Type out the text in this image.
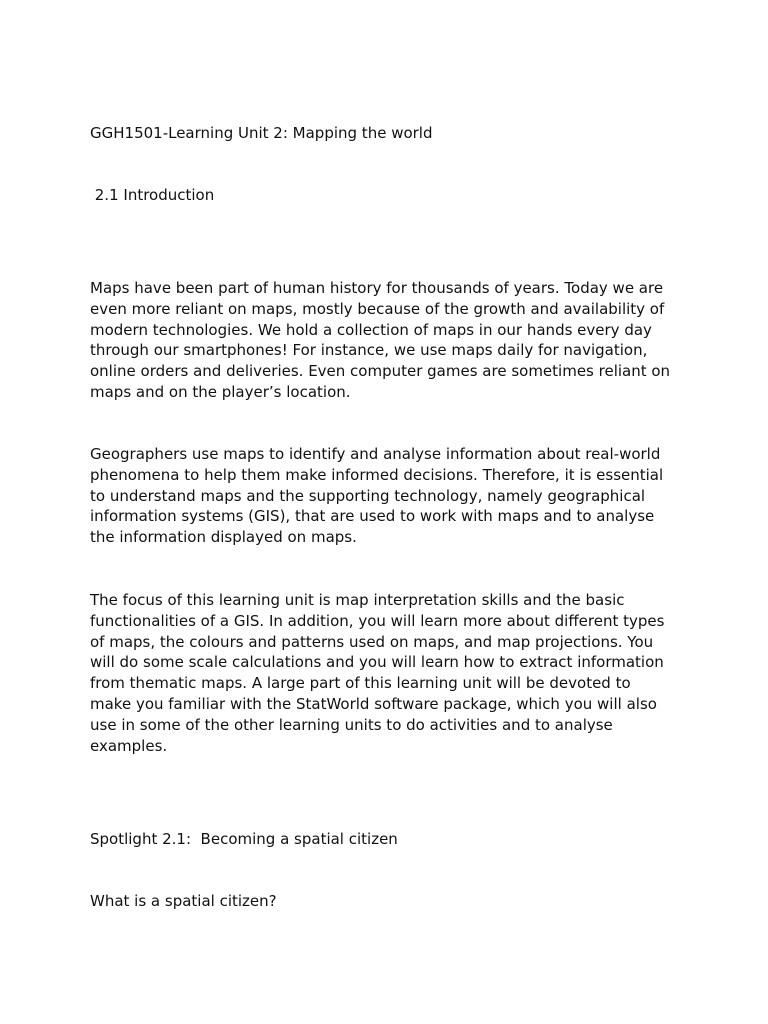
GGH1501-Learning Unit 2: Mapping the world

2.1 Introduction

Maps have been part of human history for thousands of years. Today we are
even more reliant on maps, mostly because of the growth and availability of
modern technologies. We hold a collection of maps in our hands every day
through our smartphones! For instance, we use maps daily for navigation,
online orders and deliveries. Even computer games are sometimes reliant on
maps and on the player’s location.
Geographers use maps to identify and analyse information about real-world
phenomena to help them make informed decisions. Therefore, it is essential
to understand maps and the supporting technology, namely geographical
information systems (GIS), that are used to work with maps and to analyse
the information displayed on maps.
The focus of this learning unit is map interpretation skills and the basic
functionalities of a GIS. In addition, you will learn more about different types
of maps, the colours and patterns used on maps, and map projections. You
will do some scale calculations and you will learn how to extract information
from thematic maps. A large part of this learning unit will be devoted to
make you familiar with the StatWorld software package, which you will also
use in some of the other learning units to do activities and to analyse
examples.

Spotlight 2.1:  Becoming a spatial citizen

What is a spatial citizen?
